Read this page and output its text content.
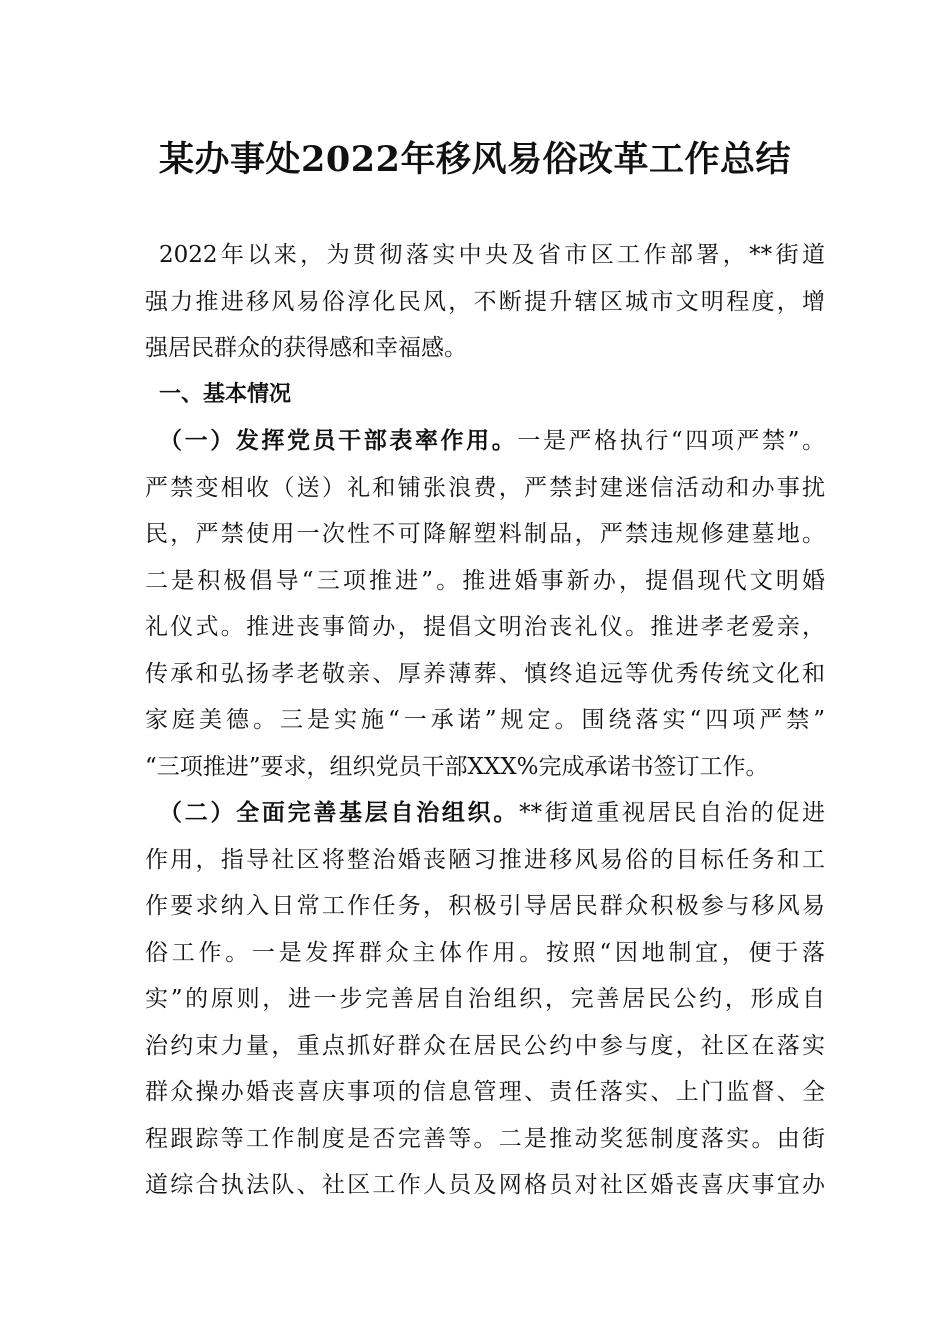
某办事处2022年移风易俗改革工作总结
2022年以来，为贯彻落实中央及省市区工作部署，**街道
强力推进移风易俗淳化民风，不断提升辖区城市文明程度，增
强居民群众的获得感和幸福感。
一、基本情况
（一）发挥党员干部表率作用。一是严格执行“四项严禁”。
严禁变相收（送）礼和铺张浪费，严禁封建迷信活动和办事扰
民，严禁使用一次性不可降解塑料制品，严禁违规修建墓地。
二是积极倡导“三项推进”。推进婚事新办，提倡现代文明婚
礼仪式。推进丧事简办，提倡文明治丧礼仪。推进孝老爱亲，
传承和弘扬孝老敬亲、厚养薄葬、慎终追远等优秀传统文化和
家庭美德。三是实施“一承诺”规定。围绕落实“四项严禁”
“三项推进”要求，组织党员干部XXX%完成承诺书签订工作。
（二）全面完善基层自治组织。**街道重视居民自治的促进
作用，指导社区将整治婚丧陋习推进移风易俗的目标任务和工
作要求纳入日常工作任务，积极引导居民群众积极参与移风易
俗工作。一是发挥群众主体作用。按照“因地制宜，便于落
实”的原则，进一步完善居自治组织，完善居民公约，形成自
治约束力量，重点抓好群众在居民公约中参与度，社区在落实
群众操办婚丧喜庆事项的信息管理、责任落实、上门监督、全
程跟踪等工作制度是否完善等。二是推动奖惩制度落实。由街
道综合执法队、社区工作人员及网格员对社区婚丧喜庆事宜办
